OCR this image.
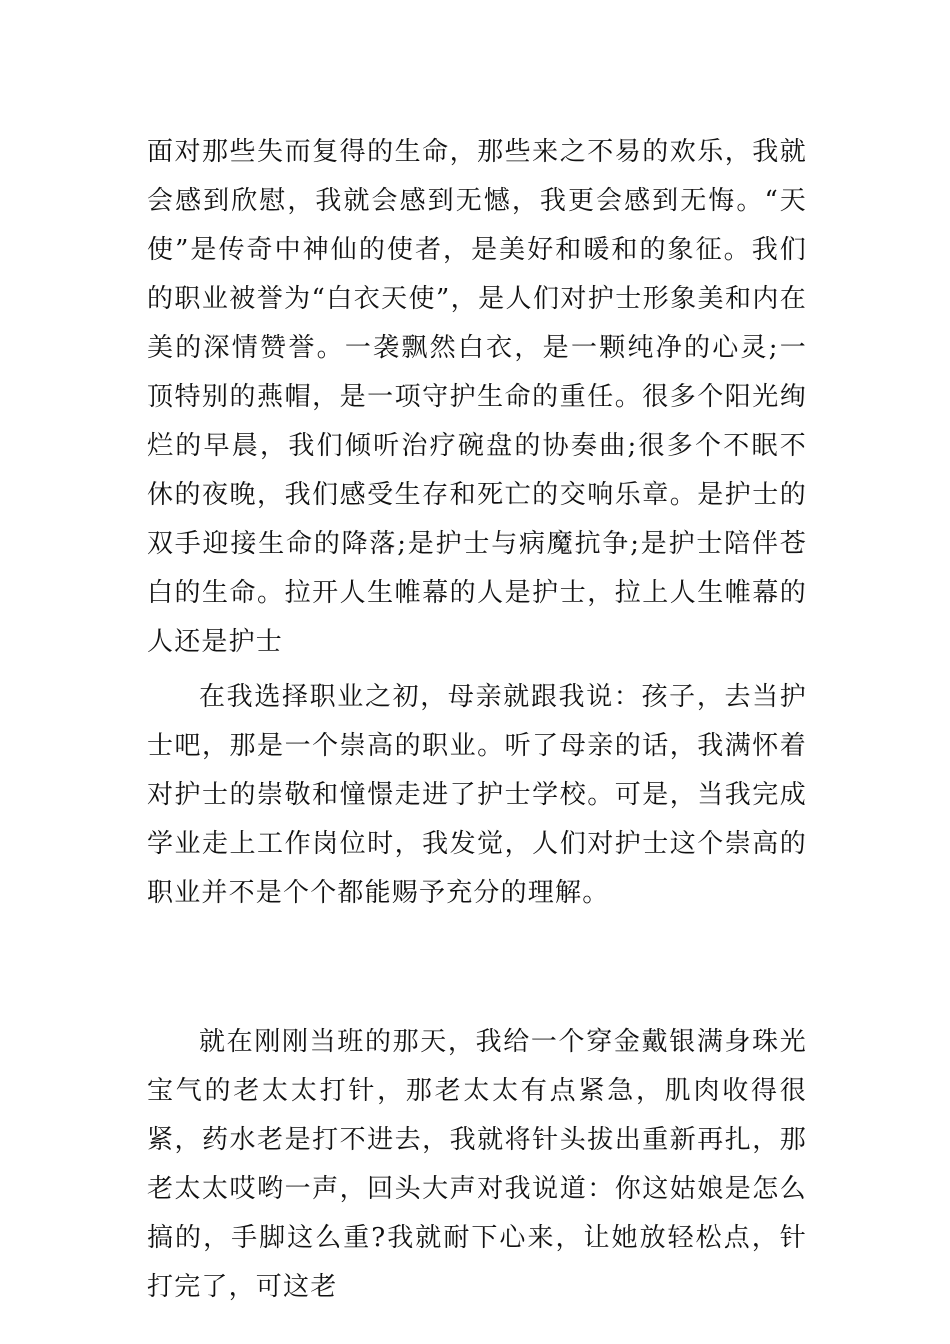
面对那些失而复得的生命，那些来之不易的欢乐，我就会感到欣慰，我就会感到无憾，我更会感到无悔。“天使”是传奇中神仙的使者，是美好和暖和的象征。我们的职业被誉为“白衣天使”，是人们对护士形象美和内在美的深情赞誉。一袭飘然白衣，是一颗纯净的心灵;一顶特别的燕帽，是一项守护生命的重任。很多个阳光绚烂的早晨，我们倾听治疗碗盘的协奏曲;很多个不眠不休的夜晚，我们感受生存和死亡的交响乐章。是护士的双手迎接生命的降落;是护士与病魔抗争;是护士陪伴苍白的生命。拉开人生帷幕的人是护士，拉上人生帷幕的人还是护士

在我选择职业之初，母亲就跟我说：孩子，去当护士吧，那是一个崇高的职业。听了母亲的话，我满怀着对护士的崇敬和憧憬走进了护士学校。可是，当我完成学业走上工作岗位时，我发觉，人们对护士这个崇高的职业并不是个个都能赐予充分的理解。

就在刚刚当班的那天，我给一个穿金戴银满身珠光宝气的老太太打针，那老太太有点紧急，肌肉收得很紧，药水老是打不进去，我就将针头拔出重新再扎，那老太太哎哟一声，回头大声对我说道：你这姑娘是怎么搞的，手脚这么重?我就耐下心来，让她放轻松点，针打完了，可这老
